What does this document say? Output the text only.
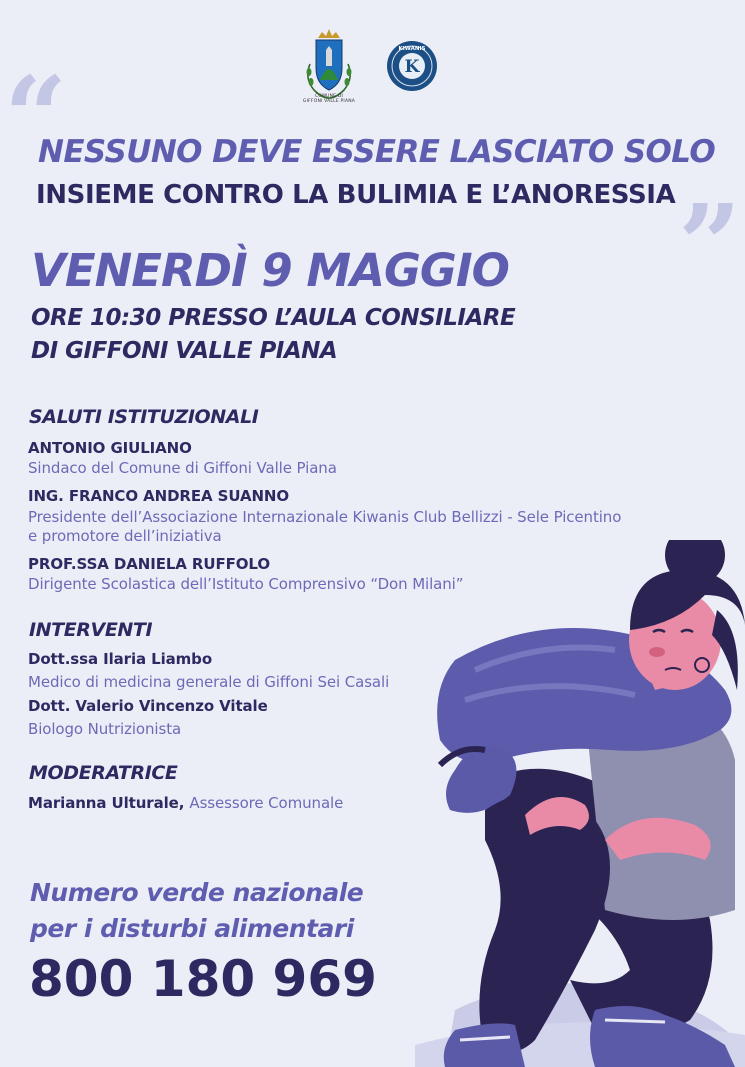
COMUNE DI
GIFFONI VALLE PIANA
K
KIWANIS
“
”
NESSUNO DEVE ESSERE LASCIATO SOLO
INSIEME CONTRO LA BULIMIA E L’ANORESSIA
VENERDÌ 9 MAGGIO
ORE 10:30 PRESSO L’AULA CONSILIARE
DI GIFFONI VALLE PIANA
SALUTI ISTITUZIONALI
ANTONIO GIULIANO
Sindaco del Comune di Giffoni Valle Piana
ING. FRANCO ANDREA SUANNO
Presidente dell’Associazione Internazionale Kiwanis Club Bellizzi - Sele Picentino
e promotore dell’iniziativa
PROF.SSA DANIELA RUFFOLO
Dirigente Scolastica dell’Istituto Comprensivo “Don Milani”
INTERVENTI
Dott.ssa Ilaria Liambo
Medico di medicina generale di Giffoni Sei Casali
Dott. Valerio Vincenzo Vitale
Biologo Nutrizionista
MODERATRICE
Marianna Ulturale, Assessore Comunale
Numero verde nazionale
per i disturbi alimentari
800 180 969
